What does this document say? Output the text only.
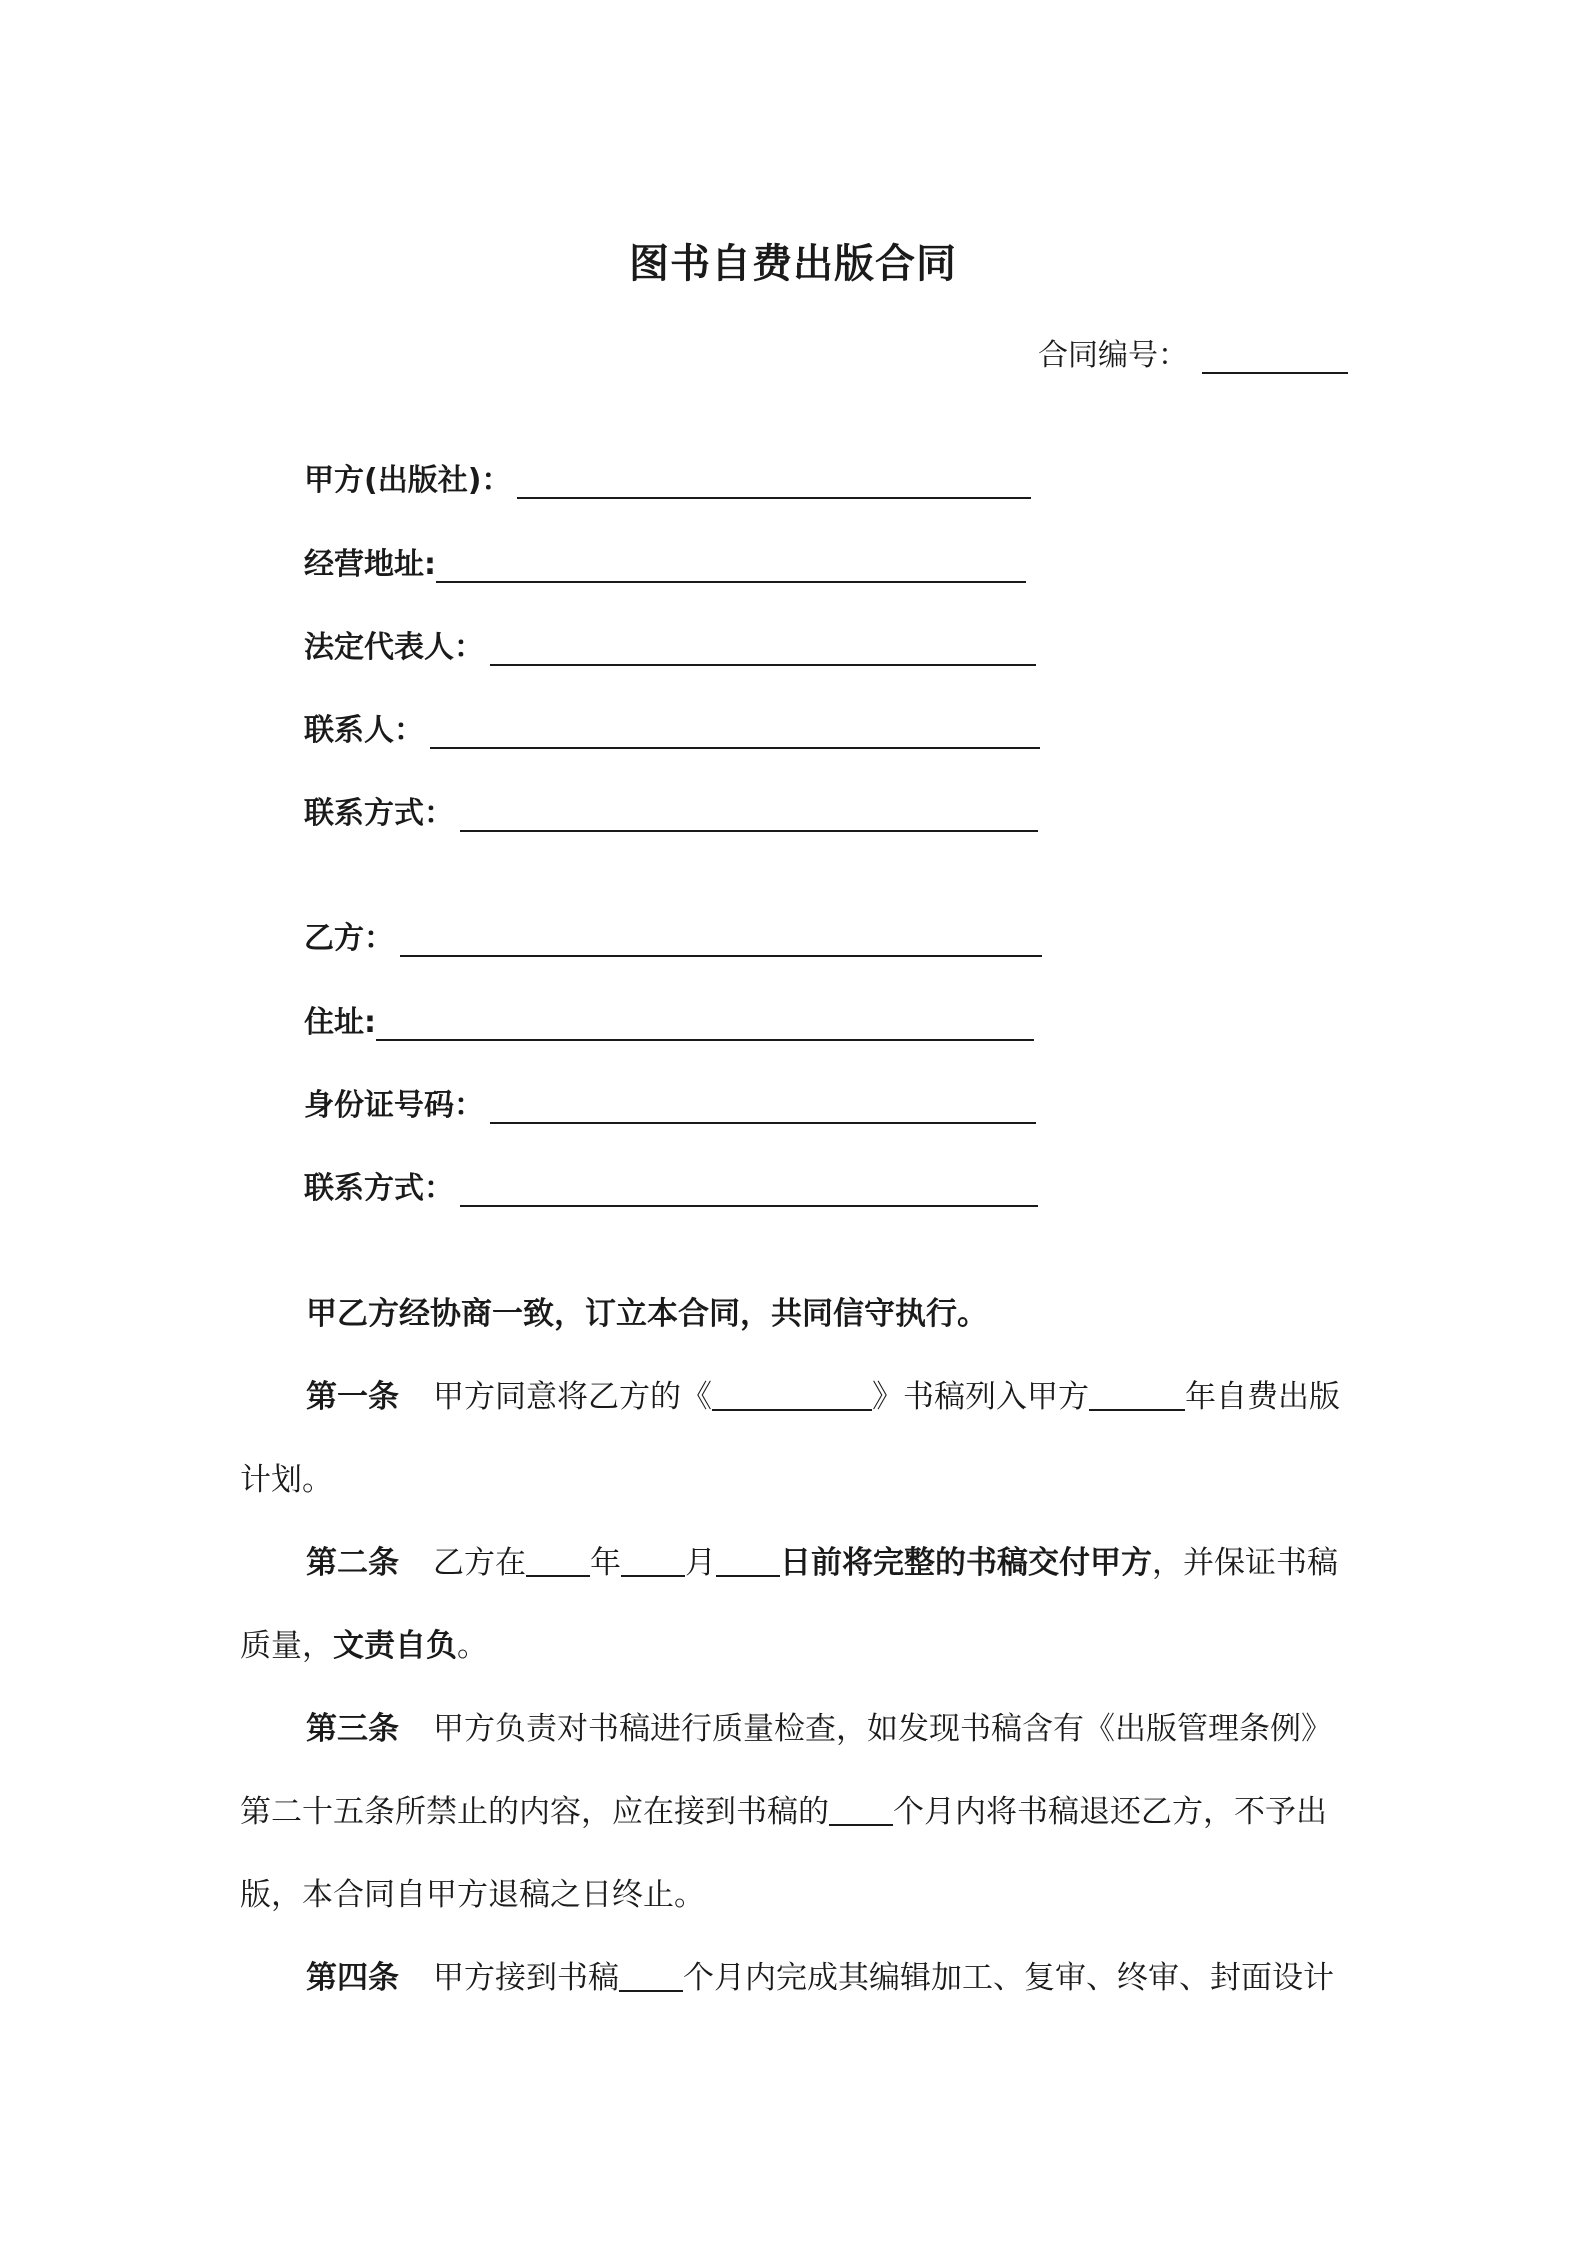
图书自费出版合同
合同编号：
甲方(出版社)：
经营地址:
法定代表人：
联系人：
联系方式：
乙方：
住址:
身份证号码：
联系方式：

甲乙方经协商一致，订立本合同，共同信守执行。

第一条 甲方同意将乙方的《	》书稿列入甲方	年自费出版
计划。

第二条 乙方在 年 月 日前将完整的书稿交付甲方，并保证书稿
质量，文责自负。

第三条 甲方负责对书稿进行质量检查，如发现书稿含有《出版管理条例》
第二十五条所禁止的内容，应在接到书稿的 个月内将书稿退还乙方，不予出
版，本合同自甲方退稿之日终止。

第四条 甲方接到书稿 个月内完成其编辑加工、复审、终审、封面设计
